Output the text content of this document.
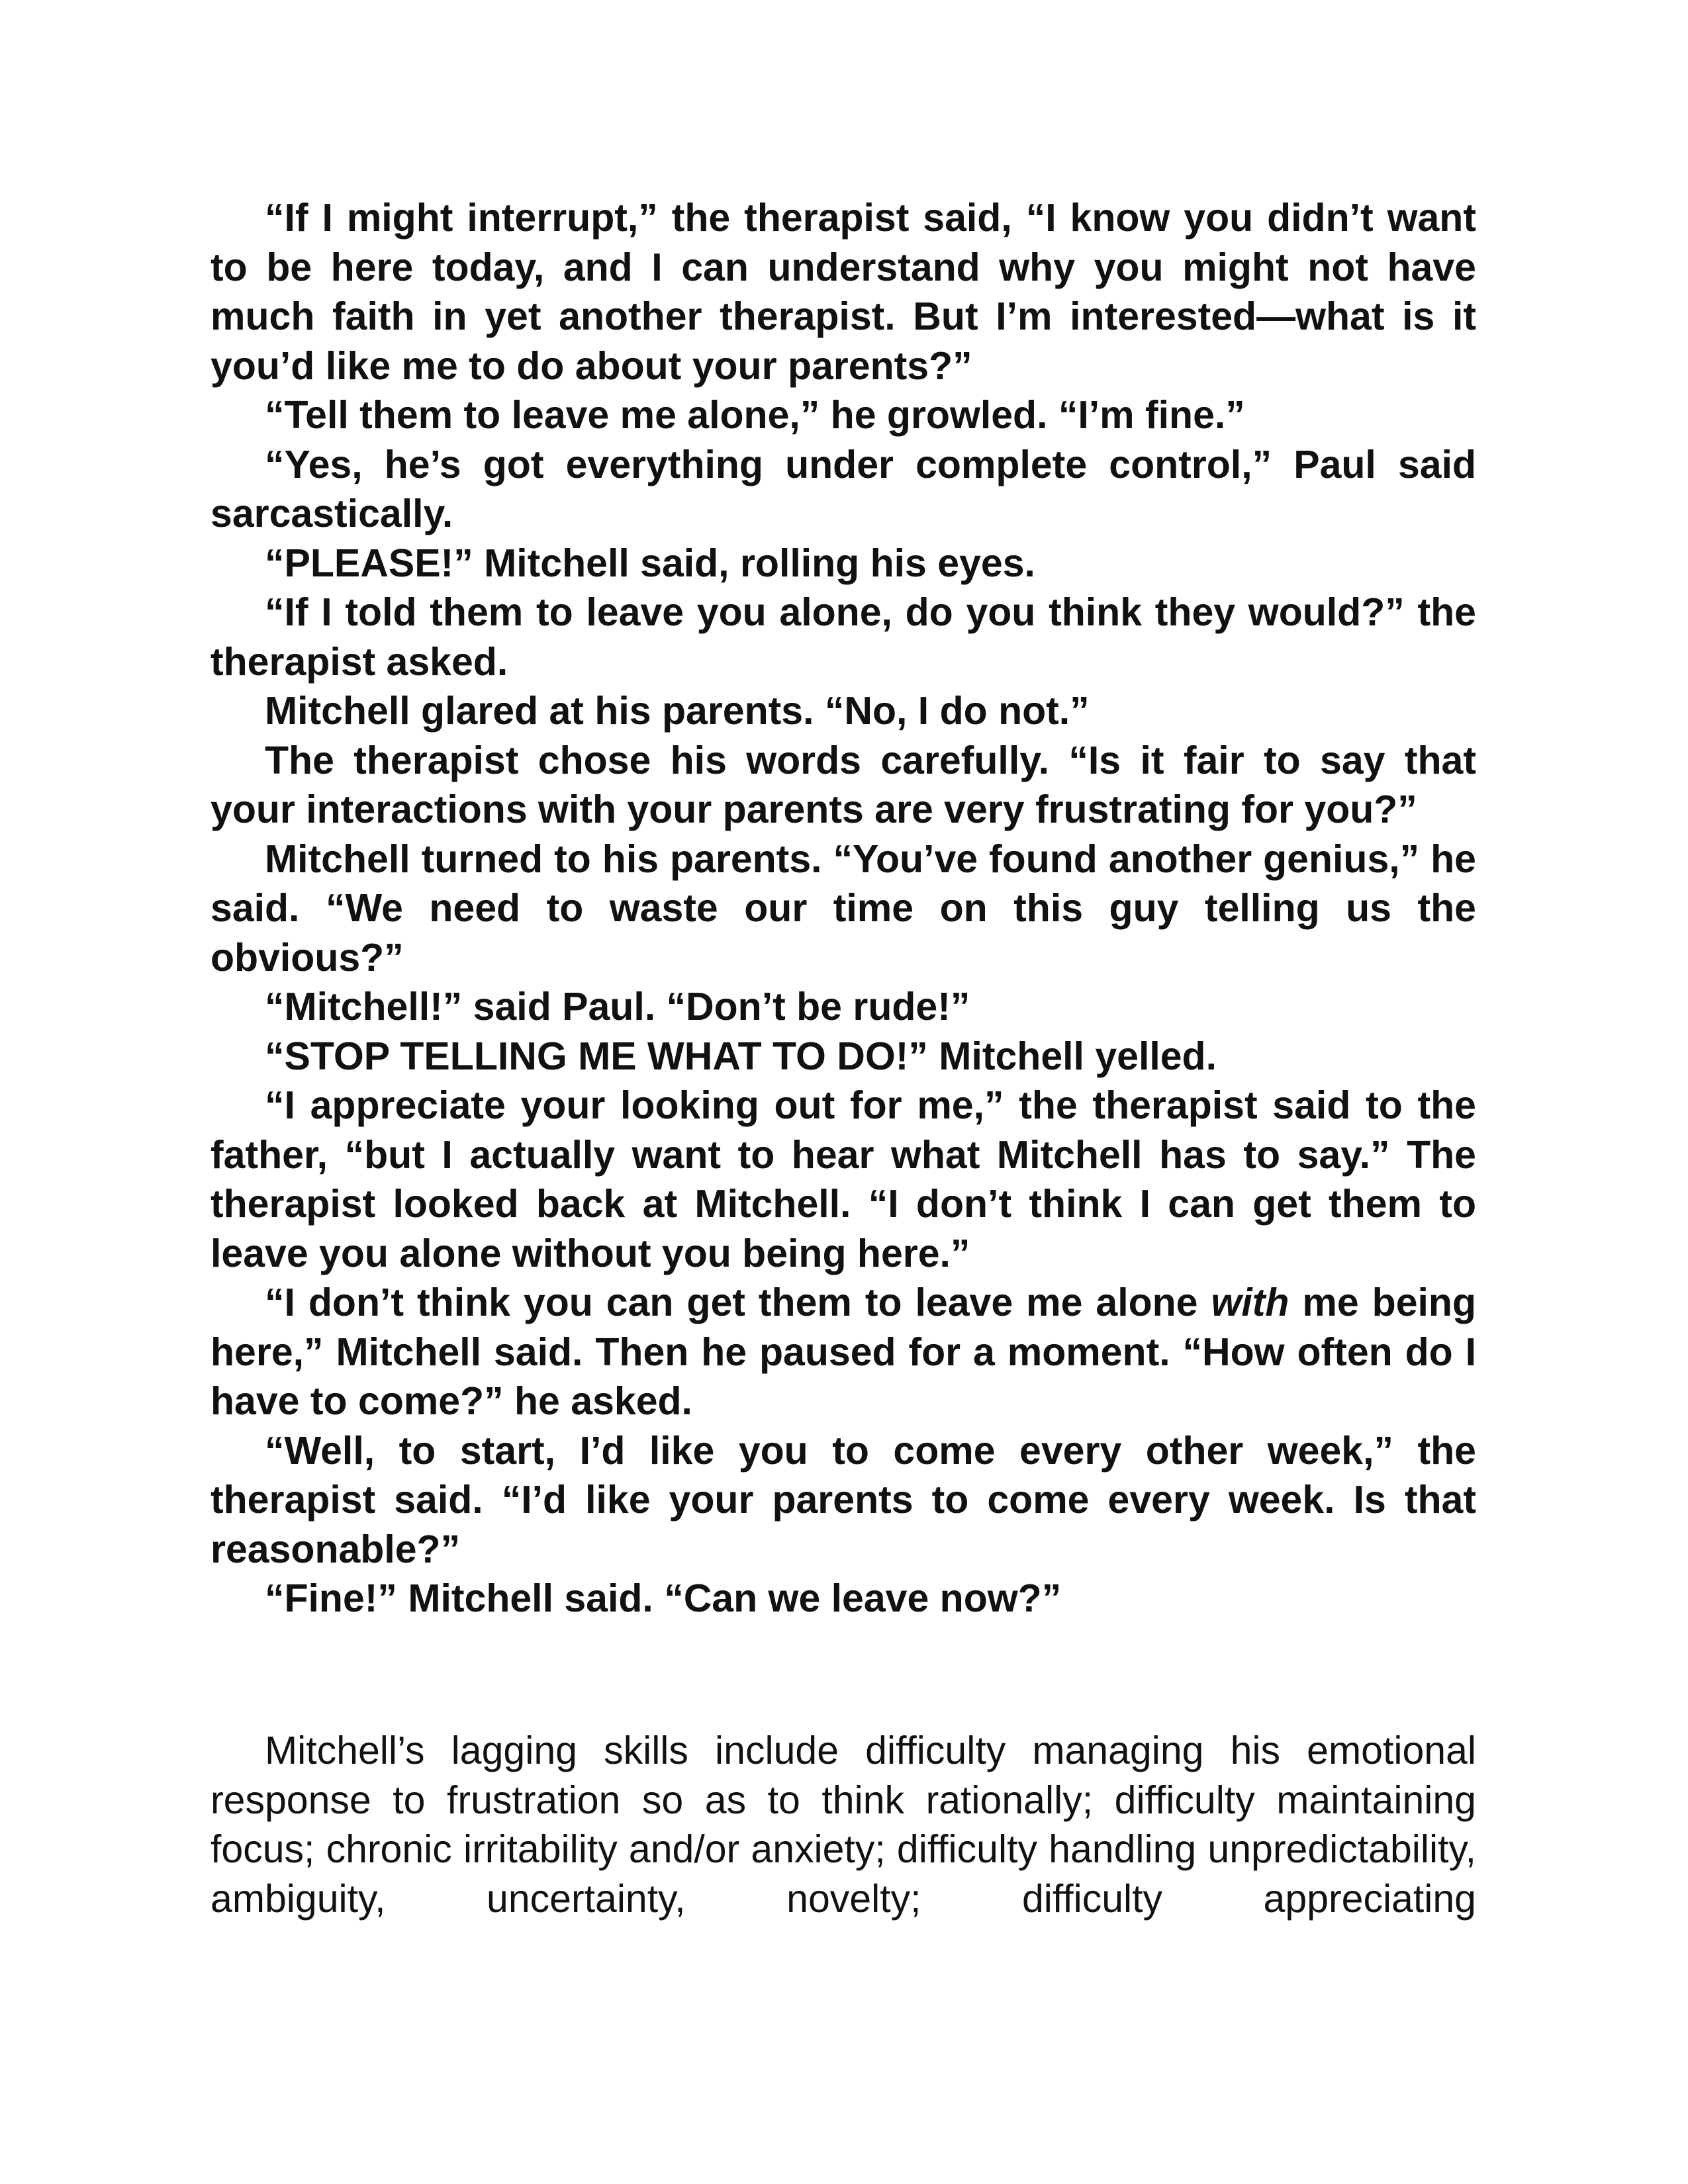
“If I might interrupt,” the therapist said, “I know you didn’t want to be here today, and I can understand why you might not have much faith in yet another therapist. But I’m interested—what is it you’d like me to do about your parents?”

“Tell them to leave me alone,” he growled. “I’m fine.”

“Yes, he’s got everything under complete control,” Paul said sarcastically.

“PLEASE!” Mitchell said, rolling his eyes.

“If I told them to leave you alone, do you think they would?” the therapist asked.

Mitchell glared at his parents. “No, I do not.”

The therapist chose his words carefully. “Is it fair to say that your interactions with your parents are very frustrating for you?”

Mitchell turned to his parents. “You’ve found another genius,” he said. “We need to waste our time on this guy telling us the obvious?”

“Mitchell!” said Paul. “Don’t be rude!”

“STOP TELLING ME WHAT TO DO!” Mitchell yelled.

“I appreciate your looking out for me,” the therapist said to the father, “but I actually want to hear what Mitchell has to say.” The therapist looked back at Mitchell. “I don’t think I can get them to leave you alone without you being here.”

“I don’t think you can get them to leave me alone with me being here,” Mitchell said. Then he paused for a moment. “How often do I have to come?” he asked.

“Well, to start, I’d like you to come every other week,” the therapist said. “I’d like your parents to come every week. Is that reasonable?”

“Fine!” Mitchell said. “Can we leave now?”

Mitchell’s lagging skills include difficulty managing his emotional response to frustration so as to think rationally; difficulty maintaining focus; chronic irritability and/or anxiety; difficulty handling unpredictability, ambiguity, uncertainty, novelty; difficulty appreciating
